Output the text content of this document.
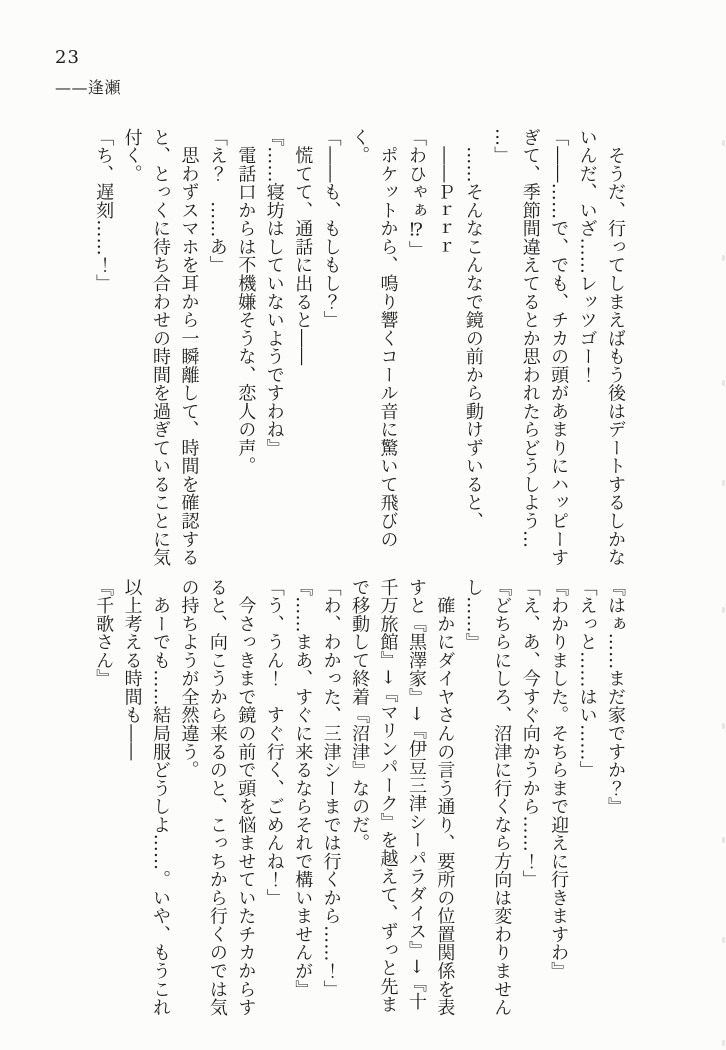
23
——逢瀬

　そうだ、行ってしまえばもう後はデートするしかな

いんだ、いざ……レッツゴー！

「――……で、でも、チカの頭があまりにハッピーす

ぎて、季節間違えてるとか思われたらどうしよう…

…」

　……そんなこんなで鏡の前から動けずいると、

　――Ｐｒｒｒ

「わひゃぁ⁉」

　ポケットから、鳴り響くコール音に驚いて飛びの

く。

「――も、もしもし？」

　慌てて、通話に出ると――

『……寝坊はしていないようですわね』

　電話口からは不機嫌そうな、恋人の声。

「え？　……あ」

　思わずスマホを耳から一瞬離して、時間を確認する

と、とっくに待ち合わせの時間を過ぎていることに気

付く。

「ち、遅刻……！」

『はぁ……まだ家ですか？』

「えっと……はい……」

『わかりました。そちらまで迎えに行きますわ』

「え、あ、今すぐ向かうから……！」

『どちらにしろ、沼津に行くなら方向は変わりません

し……』

　確かにダイヤさんの言う通り、要所の位置関係を表

すと『黒澤家』→『伊豆三津シーパラダイス』→『十

千万旅館』→『マリンパーク』を越えて、ずっと先ま

で移動して終着『沼津』なのだ。

「わ、わかった、三津シーまでは行くから……！」

『……まあ、すぐに来るならそれで構いませんが』

「う、うん！　すぐ行く、ごめんね！」

　今さっきまで鏡の前で頭を悩ませていたチカからす

ると、向こうから来るのと、こっちから行くのでは気

の持ちようが全然違う。

　あーでも……結局服どうしよ……。いや、もうこれ

以上考える時間も――

『千歌さん』
